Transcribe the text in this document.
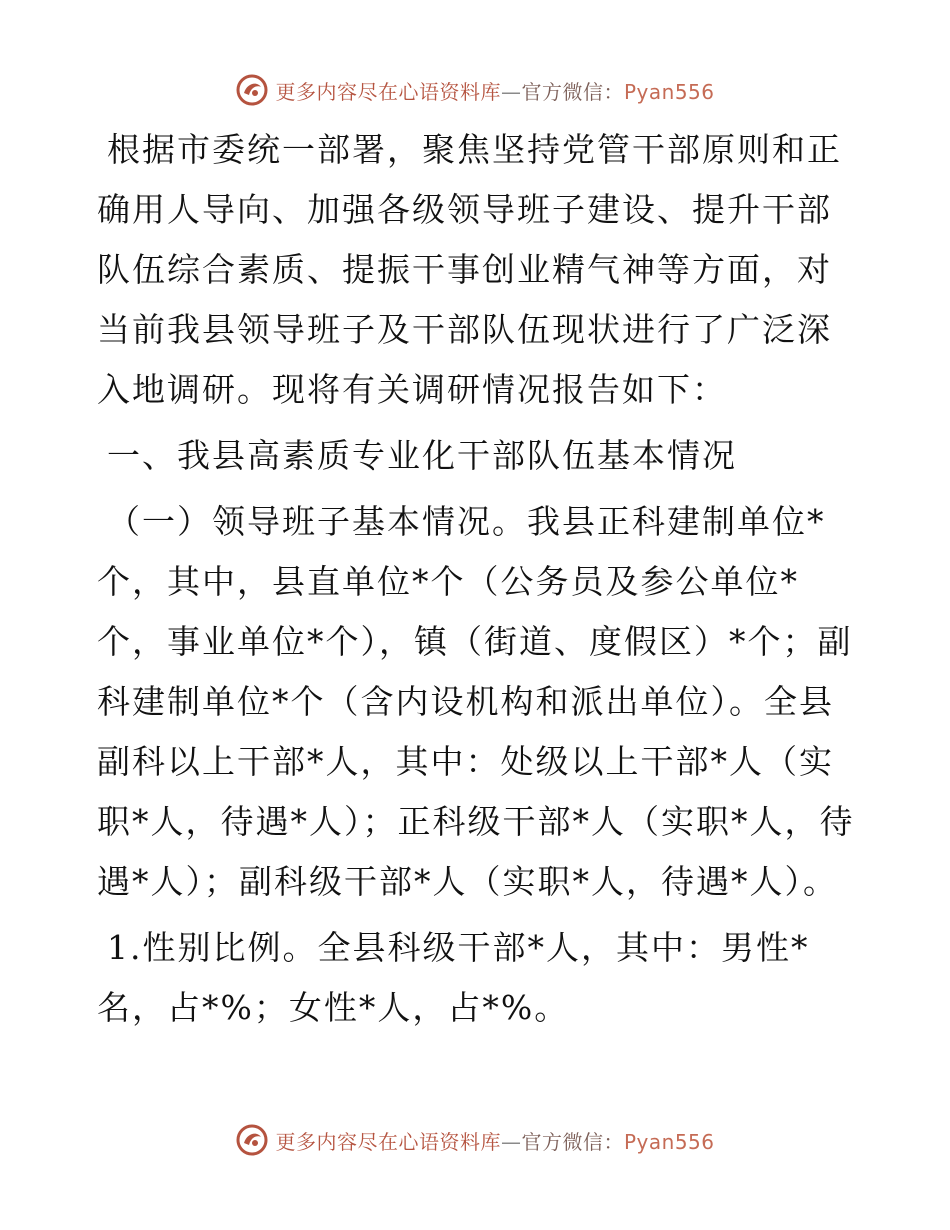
更多内容尽在心语资料库—官方微信：Pyan556

根据市委统一部署，聚焦坚持党管干部原则和正确用人导向、加强各级领导班子建设、提升干部队伍综合素质、提振干事创业精气神等方面，对当前我县领导班子及干部队伍现状进行了广泛深入地调研。现将有关调研情况报告如下：

一、我县高素质专业化干部队伍基本情况

（一）领导班子基本情况。我县正科建制单位*个，其中，县直单位*个（公务员及参公单位*个，事业单位*个），镇（街道、度假区）*个；副科建制单位*个（含内设机构和派出单位）。全县副科以上干部*人，其中：处级以上干部*人（实职*人，待遇*人）；正科级干部*人（实职*人，待遇*人）；副科级干部*人（实职*人，待遇*人）。

1.性别比例。全县科级干部*人，其中：男性*名，占*%；女性*人，占*%。

更多内容尽在心语资料库—官方微信：Pyan556
